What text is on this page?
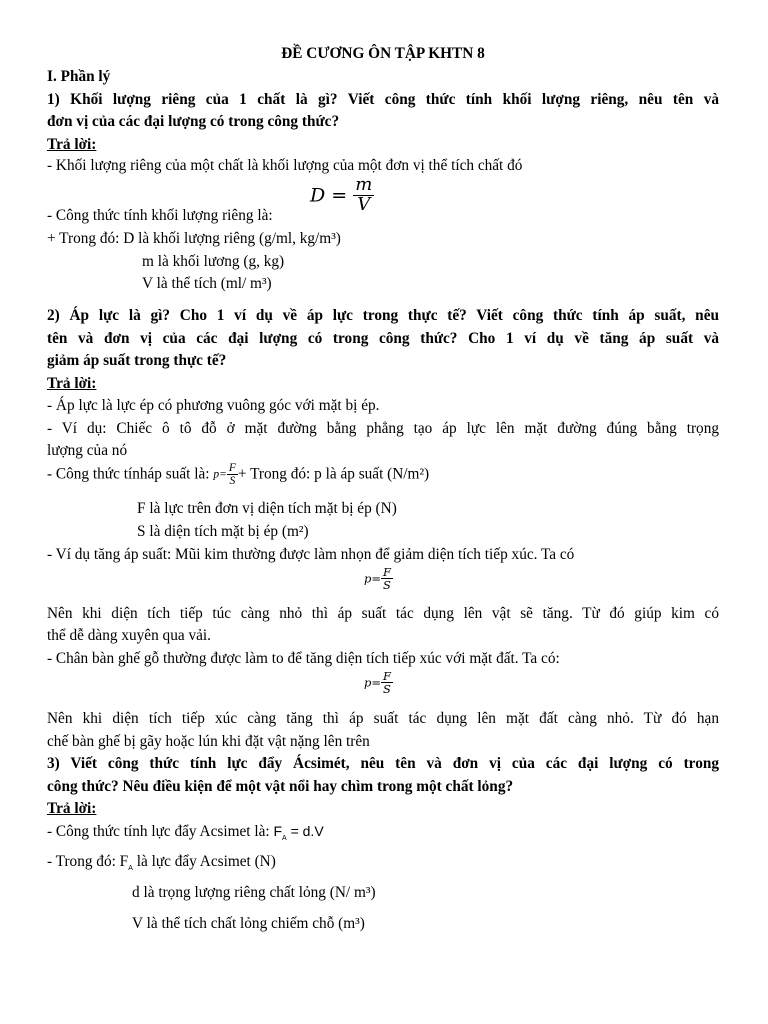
ĐỀ CƯƠNG ÔN TẬP KHTN 8
I. Phần lý
1) Khối lượng riêng của 1 chất là gì? Viết công thức tính khối lượng riêng, nêu tên và
đơn vị của các đại lượng có trong công thức?
Trả lời:
- Khối lượng riêng của một chất là khối lượng của một đơn vị thể tích chất đó
$D = \frac{m}{V}$
- Công thức tính khối lượng riêng là:
+ Trong đó: D là khối lượng riêng (g/ml, kg/m³)
m là khối lương (g, kg)
V là thể tích (ml/ m³)
2) Áp lực là gì? Cho 1 ví dụ về áp lực trong thực tế? Viết công thức tính áp suất, nêu
tên và đơn vị của các đại lượng có trong công thức? Cho 1 ví dụ về tăng áp suất và
giảm áp suất trong thực tế?
Trả lời:
- Áp lực là lực ép có phương vuông góc với mặt bị ép.
- Ví dụ: Chiếc ô tô đỗ ở mặt đường bằng phẳng tạo áp lực lên mặt đường đúng bằng trọng
lượng của nó
- Công thức tínháp suất là: $p= \frac{F}{S}$ + Trong đó: p là áp suất (N/m²)
F là lực trên đơn vị diện tích mặt bị ép (N)
S là diện tích mặt bị ép (m²)
- Ví dụ tăng áp suất: Mũi kim thường được làm nhọn để giảm diện tích tiếp xúc. Ta có
$p= \frac{F}{S}$
Nên khi diện tích tiếp túc càng nhỏ thì áp suất tác dụng lên vật sẽ tăng. Từ đó giúp kim có
thể dễ dàng xuyên qua vải.
- Chân bàn ghế gỗ thường được làm to để tăng diện tích tiếp xúc với mặt đất. Ta có:
$p= \frac{F}{S}$
Nên khi diện tích tiếp xúc càng tăng thì áp suất tác dụng lên mặt đất càng nhỏ. Từ đó hạn
chế bàn ghế bị gãy hoặc lún khi đặt vật nặng lên trên
3) Viết công thức tính lực đẩy Ácsimét, nêu tên và đơn vị của các đại lượng có trong
công thức? Nêu điều kiện để một vật nổi hay chìm trong một chất lỏng?
Trả lời:
- Công thức tính lực đẩy Acsimet là: $F_A = d.V$
- Trong đó: $F_A$ là lực đẩy Acsimet (N)
d là trọng lượng riêng chất lỏng (N/ m³)
V là thể tích chất lỏng chiếm chỗ (m³)
